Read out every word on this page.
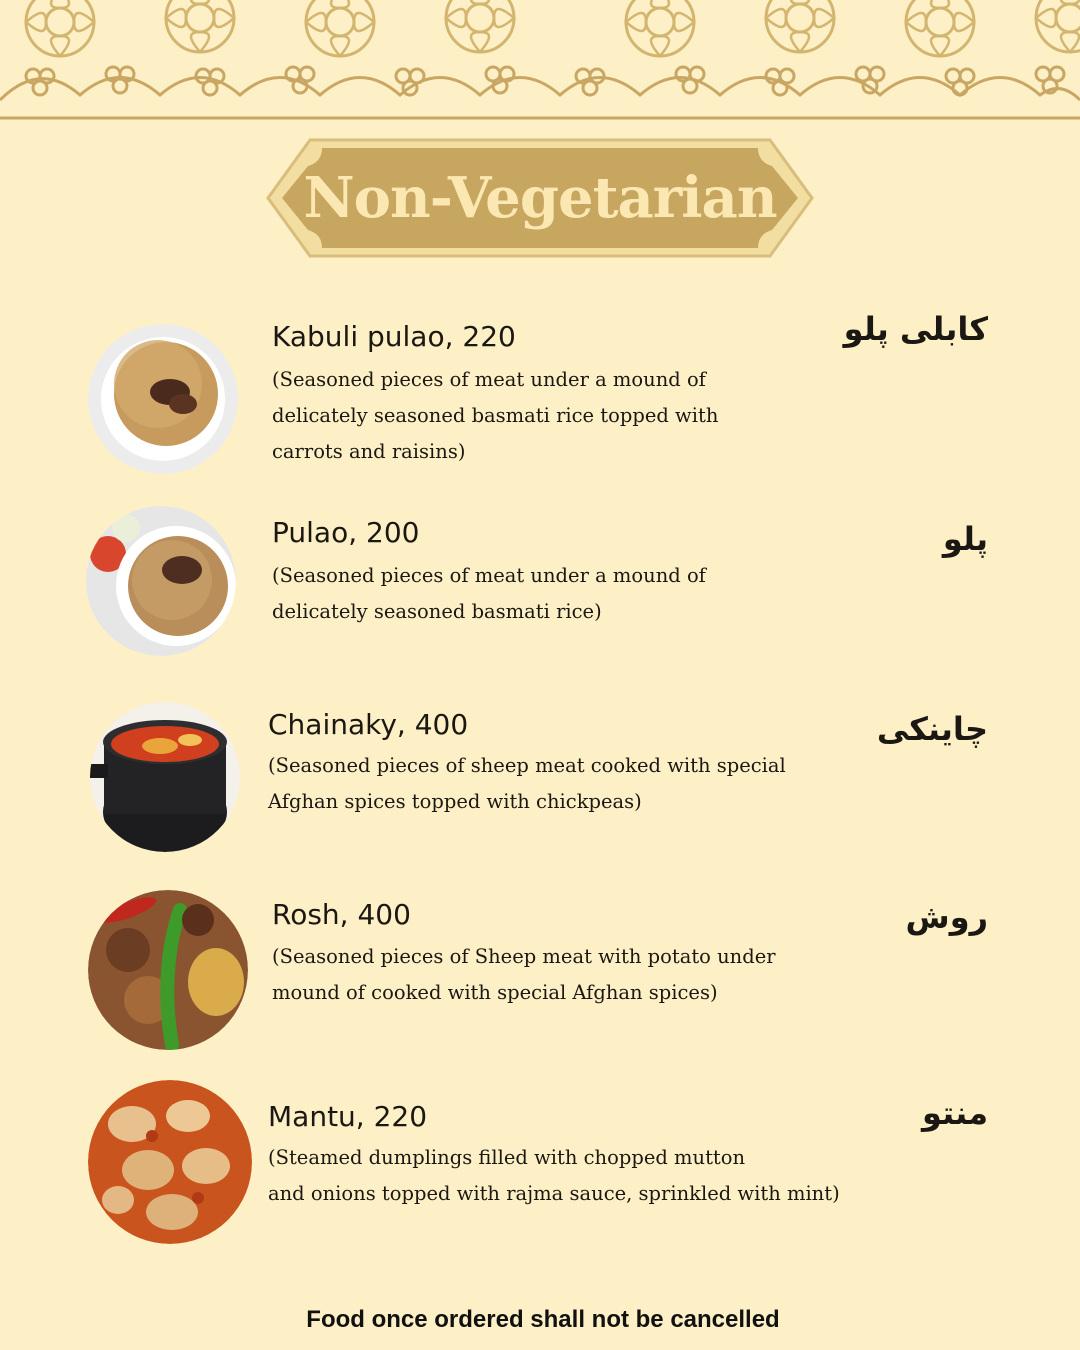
Non-Vegetarian
Kabuli pulao, 220
(Seasoned pieces of meat under a mound of
delicately seasoned basmati rice topped with
carrots and raisins)
کابلی پلو
Pulao, 200
(Seasoned pieces of meat under a mound of
delicately seasoned basmati rice)
پلو
Chainaky, 400
(Seasoned pieces of sheep meat cooked with special
Afghan spices topped with chickpeas)
چاینکی
Rosh, 400
(Seasoned pieces of Sheep meat with potato under
mound of cooked with special Afghan spices)
روش
Mantu, 220
(Steamed dumplings filled with chopped mutton
and onions topped with rajma sauce, sprinkled with mint)
منتو
Food once ordered shall not be cancelled
